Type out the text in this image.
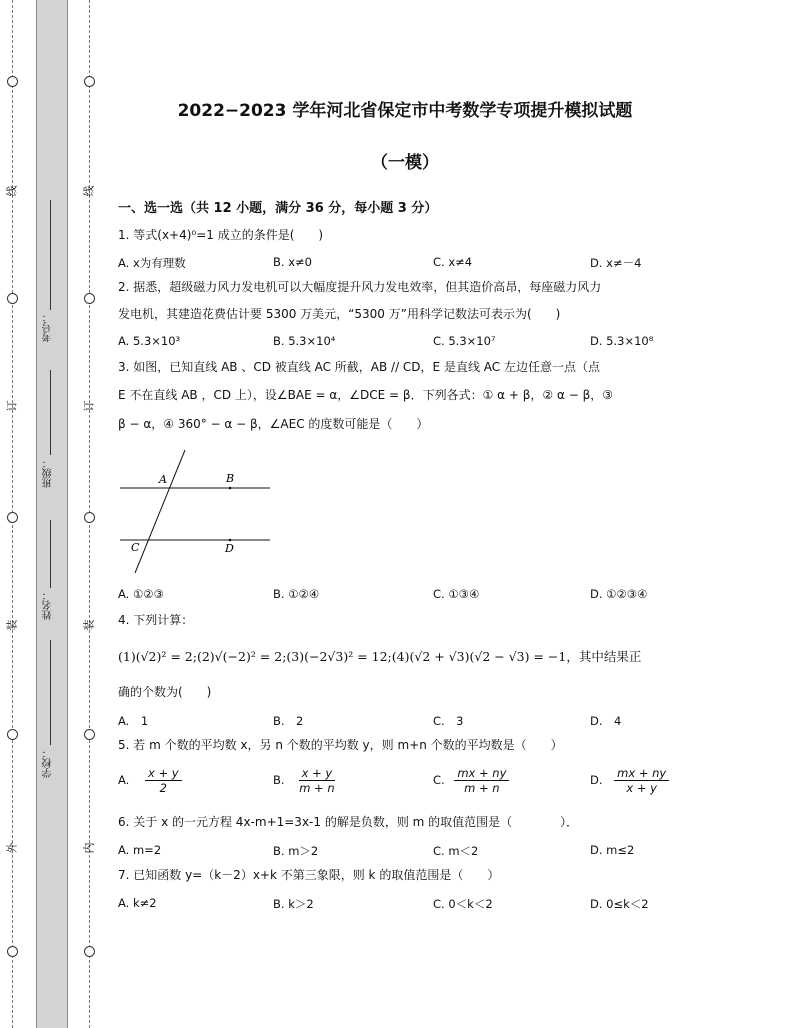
线
订
装
外
线
订
装
内
考号：
班级：
姓名：
学校：
2022−2023 学年河北省保定市中考数学专项提升模拟试题
（一模）
一、选一选（共 12 小题，满分 36 分，每小题 3 分）
1. 等式(x+4)⁰=1 成立的条件是(　　)
A. x为有理数	B. x≠0	C. x≠4	D. x≠－4
2. 据悉，超级磁力风力发电机可以大幅度提升风力发电效率，但其造价高昂，每座磁力风力
发电机，其建造花费估计要 5300 万美元，“5300 万”用科学记数法可表示为(　　)
A. 5.3×10³	B. 5.3×10⁴	C. 5.3×10⁷	D. 5.3×10⁸
3. 如图，已知直线 AB 、CD 被直线 AC 所截，AB // CD，E 是直线 AC 左边任意一点（点
E 不在直线 AB ，CD 上），设∠BAE = α，∠DCE = β．下列各式：① α + β，② α − β，③
β − α，④ 360° − α − β，∠AEC 的度数可能是（　　）
A	B
C	D
A. ①②③	B. ①②④	C. ①③④	D. ①②③④
4. 下列计算：
(1)(√2)² = 2;(2)√(−2)² = 2;(3)(−2√3)² = 12;(4)(√2 + √3)(√2 − √3) = −1，其中结果正
确的个数为(　　)
A.　1	B.　2	C.　3	D.　4
5. 若 m 个数的平均数 x，另 n 个数的平均数 y，则 m+n 个数的平均数是（　　）
A. $\frac{x + y}{2}$	B. $\frac{x + y}{m + n}$	C. $\frac{mx + ny}{m + n}$	D. $\frac{mx + ny}{x + y}$
6. 关于 x 的一元方程 4x-m+1=3x-1 的解是负数，则 m 的取值范围是（　　　　）．
A. m=2	B. m＞2	C. m＜2	D. m≤2
7. 已知函数 y=（k－2）x+k 不第三象限，则 k 的取值范围是（　　）
A. k≠2	B. k＞2	C. 0＜k＜2	D. 0≤k＜2
